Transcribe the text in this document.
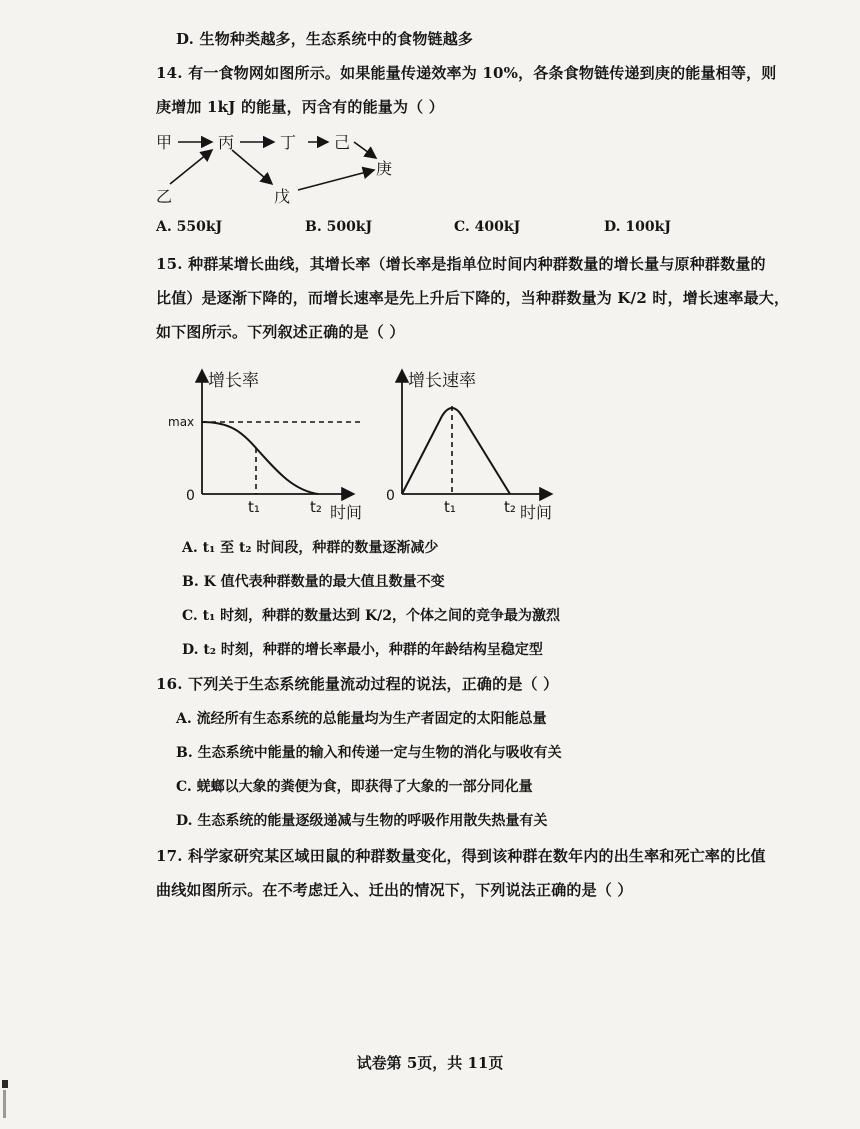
D. 生物种类越多，生态系统中的食物链越多
14. 有一食物网如图所示。如果能量传递效率为 10%，各条食物链传递到庚的能量相等，则
庚增加 1kJ 的能量，丙含有的能量为（ ）
甲	丙	丁 己
庚
乙	戊
A. 550kJ	B. 500kJ	C. 400kJ	D. 100kJ
15. 种群某增长曲线，其增长率（增长率是指单位时间内种群数量的增长量与原种群数量的
比值）是逐渐下降的，而增长速率是先上升后下降的，当种群数量为 K/2 时，增长速率最大，
如下图所示。下列叙述正确的是（ ）
增长率
max
0
t₁	t₂ 时间
增长速率
0
t₁	t₂ 时间
A. t₁ 至 t₂ 时间段，种群的数量逐渐减少
B. K 值代表种群数量的最大值且数量不变
C. t₁ 时刻，种群的数量达到 K/2，个体之间的竞争最为激烈
D. t₂ 时刻，种群的增长率最小，种群的年龄结构呈稳定型
16. 下列关于生态系统能量流动过程的说法，正确的是（ ）
A. 流经所有生态系统的总能量均为生产者固定的太阳能总量
B. 生态系统中能量的输入和传递一定与生物的消化与吸收有关
C. 蜣螂以大象的粪便为食，即获得了大象的一部分同化量
D. 生态系统的能量逐级递减与生物的呼吸作用散失热量有关
17. 科学家研究某区域田鼠的种群数量变化，得到该种群在数年内的出生率和死亡率的比值
曲线如图所示。在不考虑迁入、迁出的情况下，下列说法正确的是（ ）
试卷第 5页，共 11页
